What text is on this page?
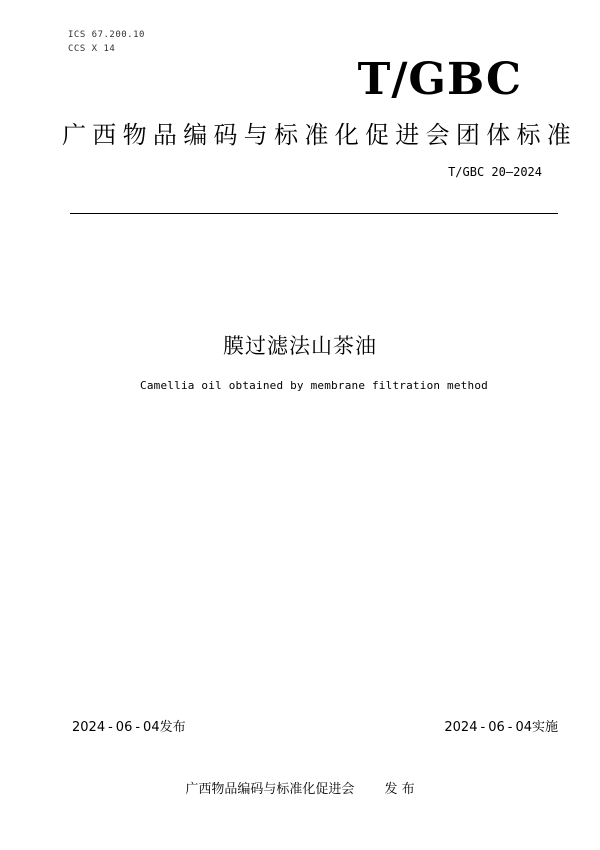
ICS 67.200.10
CCS X 14
T/GBC
广西物品编码与标准化促进会团体标准
T/GBC 20—2024
膜过滤法山茶油
Camellia oil obtained by membrane filtration method
2024 - 06 - 04发布	2024 - 06 - 04实施
广西物品编码与标准化促进会 发 布
